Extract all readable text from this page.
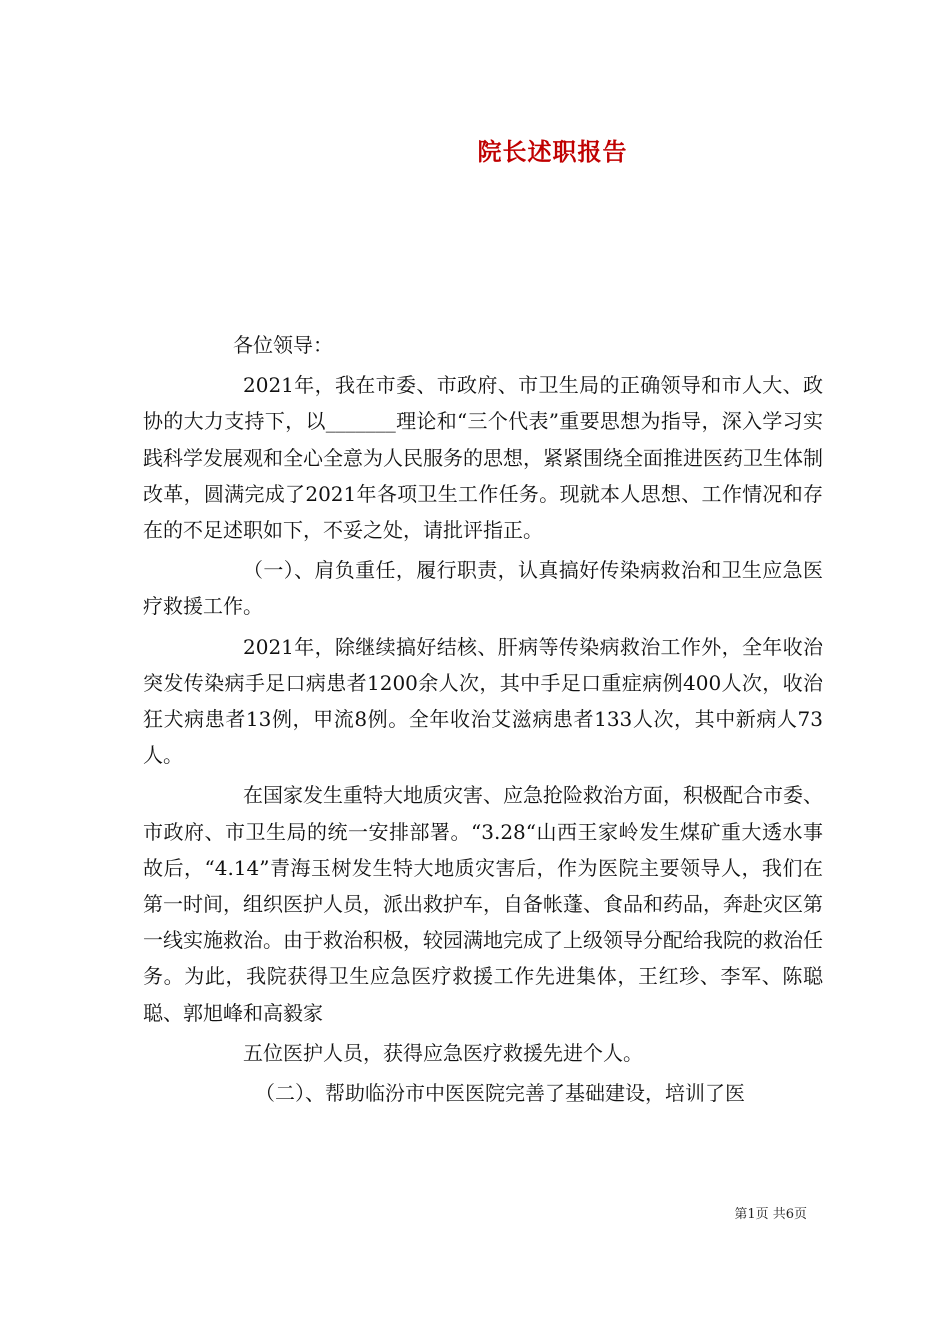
院长述职报告

各位领导：

2021年，我在市委、市政府、市卫生局的正确领导和市人大、政协的大力支持下，以_______理论和“三个代表”重要思想为指导，深入学习实践科学发展观和全心全意为人民服务的思想，紧紧围绕全面推进医药卫生体制改革，圆满完成了2021年各项卫生工作任务。现就本人思想、工作情况和存在的不足述职如下，不妥之处，请批评指正。

（一）、肩负重任，履行职责，认真搞好传染病救治和卫生应急医疗救援工作。

2021年，除继续搞好结核、肝病等传染病救治工作外，全年收治突发传染病手足口病患者1200余人次，其中手足口重症病例400人次，收治狂犬病患者13例，甲流8例。全年收治艾滋病患者133人次，其中新病人73人。

在国家发生重特大地质灾害、应急抢险救治方面，积极配合市委、市政府、市卫生局的统一安排部署。“3.28“山西王家岭发生煤矿重大透水事故后，“4.14”青海玉树发生特大地质灾害后，作为医院主要领导人，我们在第一时间，组织医护人员，派出救护车，自备帐蓬、食品和药品，奔赴灾区第一线实施救治。由于救治积极，较园满地完成了上级领导分配给我院的救治任务。为此，我院获得卫生应急医疗救援工作先进集体，王红珍、李军、陈聪聪、郭旭峰和高毅家

五位医护人员，获得应急医疗救援先进个人。

（二）、帮助临汾市中医医院完善了基础建设，培训了医

第1页 共6页
